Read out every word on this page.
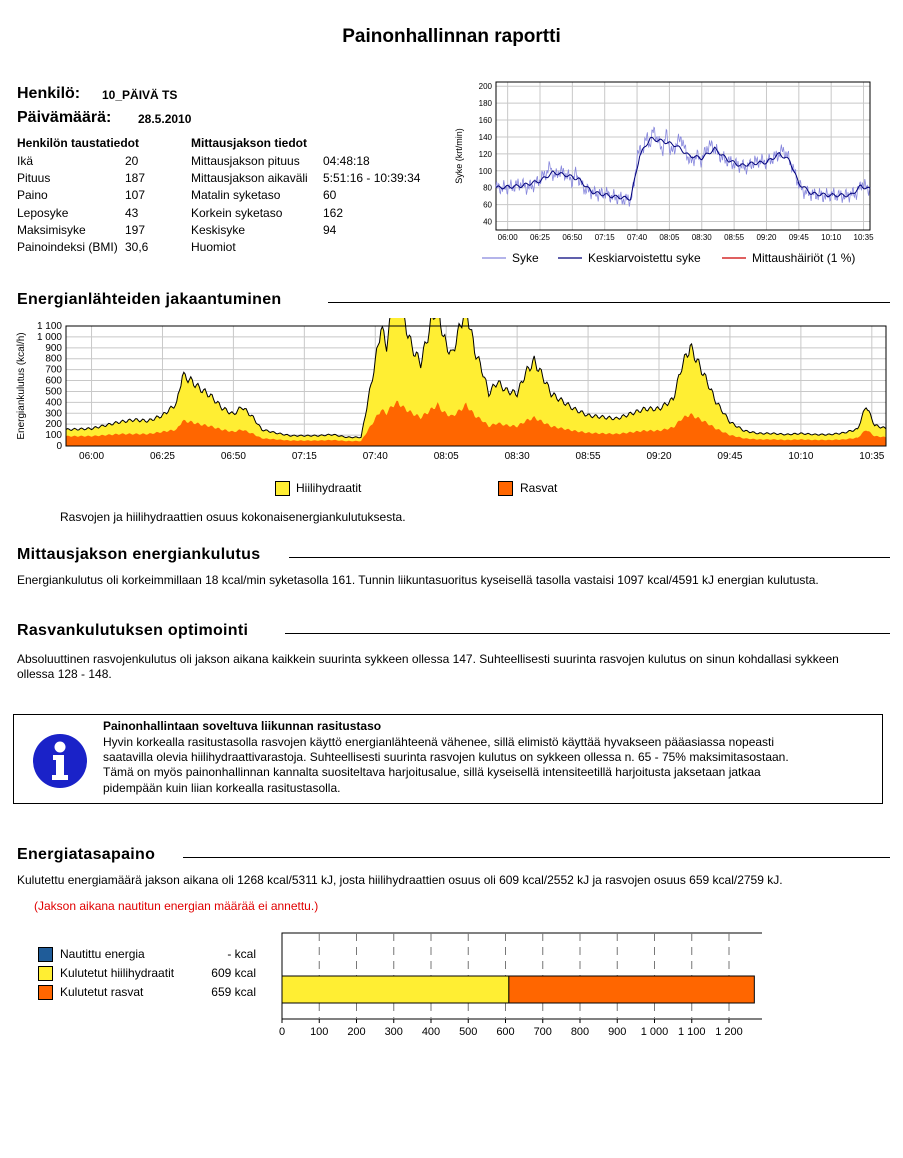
Painonhallinnan raportti
Henkilö: 10_PÄIVÄ TS
Päivämäärä: 28.5.2010
Henkilön taustatiedot
Ikä	20
Pituus	187
Paino	107
Leposyke	43
Maksimisyke	197
Painoindeksi (BMI)	30,6
Mittausjakson tiedot
Mittausjakson pituus	04:48:18
Mittausjakson aikaväli	5:51:16 - 10:39:34
Matalin syketaso	60
Korkein syketaso	162
Keskisyke	94
Huomiot	
40
60
80
100
120
140
160
180
200
06:00 06:25 06:50 07:15 07:40 08:05 08:30 08:55 09:20 09:45 10:10 10:35
Syke (krt/min)
Syke	Keskiarvoistettu syke	Mittaushäiriöt (1 %)
Energianlähteiden jakaantuminen
0
100
200
300
400
500
600
700
800
900
1 000
1 100
06:00	06:25	06:50	07:15	07:40	08:05	08:30	08:55	09:20	09:45	10:10	10:35
Energiankulutus (kcal/h)
Hiilihydraatit	Rasvat
Rasvojen ja hiilihydraattien osuus kokonaisenergiankulutuksesta.
Mittausjakson energiankulutus
Energiankulutus oli korkeimmillaan 18 kcal/min syketasolla 161. Tunnin liikuntasuoritus kyseisellä tasolla vastaisi 1097 kcal/4591 kJ energian kulutusta.
Rasvankulutuksen optimointi
Absoluuttinen rasvojenkulutus oli jakson aikana kaikkein suurinta sykkeen ollessa 147. Suhteellisesti suurinta rasvojen kulutus on sinun kohdallasi sykkeen ollessa 128 - 148.
Painonhallintaan soveltuva liikunnan rasitustaso
Hyvin korkealla rasitustasolla rasvojen käyttö energianlähteenä vähenee, sillä elimistö käyttää hyvakseen pääasiassa nopeasti saatavilla olevia hiilihydraattivarastoja. Suhteellisesti suurinta rasvojen kulutus on sykkeen ollessa n. 65 - 75% maksimitasostaan. Tämä on myös painonhallinnan kannalta suositeltava harjoitusalue, sillä kyseisellä intensiteetillä harjoitusta jaksetaan jatkaa pidempään kuin liian korkealla rasitustasolla.
Energiatasapaino
Kulutettu energiamäärä jakson aikana oli 1268 kcal/5311 kJ, josta hiilihydraattien osuus oli 609 kcal/2552 kJ ja rasvojen osuus 659 kcal/2759 kJ.
(Jakson aikana nautitun energian määrää ei annettu.)
Nautittu energia	- kcal
Kulutetut hiilihydraatit	609 kcal
Kulutetut rasvat	659 kcal
0 100 200 300 400 500 600 700 800 900 1 000 1 100 1 200
